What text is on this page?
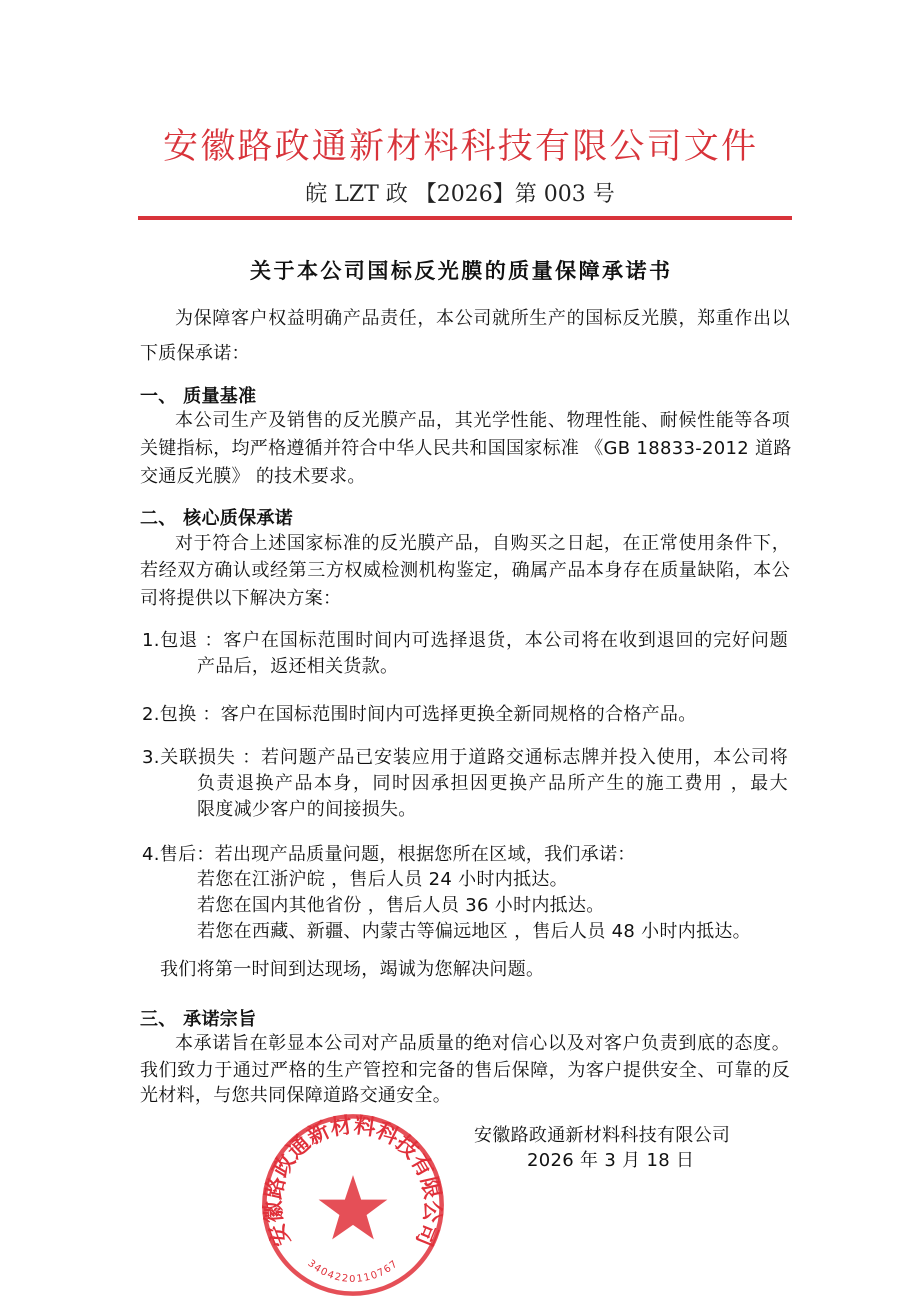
安徽路政通新材料科技有限公司文件
皖 LZT 政 【2026】第 003 号
关于本公司国标反光膜的质量保障承诺书
为保障客户权益明确产品责任，本公司就所生产的国标反光膜，郑重作出以
下质保承诺：
一、 质量基准
本公司生产及销售的反光膜产品，其光学性能、物理性能、耐候性能等各项
关键指标，均严格遵循并符合中华人民共和国国家标准 《GB 18833-2012 道路
交通反光膜》 的技术要求。
二、 核心质保承诺
对于符合上述国家标准的反光膜产品，自购买之日起，在正常使用条件下，
若经双方确认或经第三方权威检测机构鉴定，确属产品本身存在质量缺陷，本公
司将提供以下解决方案：
1.包退 ：客户在国标范围时间内可选择退货，本公司将在收到退回的完好问题
产品后，返还相关货款。
2.包换 ：客户在国标范围时间内可选择更换全新同规格的合格产品。
3.关联损失 ：若问题产品已安装应用于道路交通标志牌并投入使用，本公司将
负责退换产品本身，同时因承担因更换产品所产生的施工费用 ，最大
限度减少客户的间接损失。
4.售后：若出现产品质量问题，根据您所在区域，我们承诺：
若您在江浙沪皖 ，售后人员 24 小时内抵达。
若您在国内其他省份 ，售后人员 36 小时内抵达。
若您在西藏、新疆、内蒙古等偏远地区 ，售后人员 48 小时内抵达。
我们将第一时间到达现场，竭诚为您解决问题。
三、 承诺宗旨
本承诺旨在彰显本公司对产品质量的绝对信心以及对客户负责到底的态度。
我们致力于通过严格的生产管控和完备的售后保障，为客户提供安全、可靠的反
光材料，与您共同保障道路交通安全。
安徽路政通新材料科技有限公司
3404220110767
安徽路政通新材料科技有限公司
2026 年 3 月 18 日
